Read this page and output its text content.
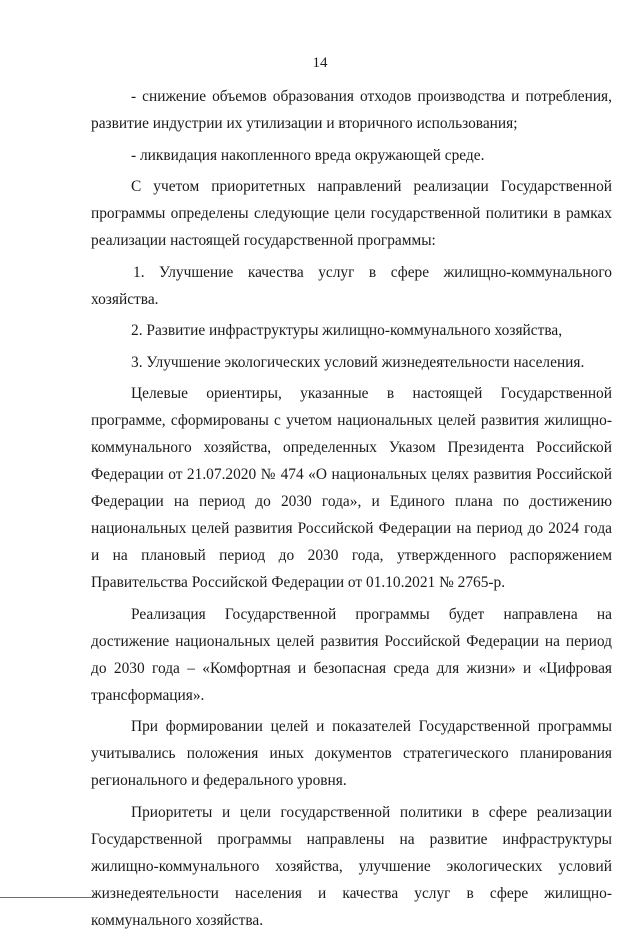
14

- снижение объемов образования отходов производства и потребления, развитие индустрии их утилизации и вторичного использования;

- ликвидация накопленного вреда окружающей среде.

С учетом приоритетных направлений реализации Государственной программы определены следующие цели государственной политики в рамках реализации настоящей государственной программы:

1. Улучшение качества услуг в сфере жилищно-коммунального хозяйства.

2. Развитие инфраструктуры жилищно-коммунального хозяйства,

3. Улучшение экологических условий жизнедеятельности населения.

Целевые ориентиры, указанные в настоящей Государственной программе, сформированы с учетом национальных целей развития жилищно-коммунального хозяйства, определенных Указом Президента Российской Федерации от 21.07.2020 № 474 «О национальных целях развития Российской Федерации на период до 2030 года», и Единого плана по достижению национальных целей развития Российской Федерации на период до 2024 года и на плановый период до 2030 года, утвержденного распоряжением Правительства Российской Федерации от 01.10.2021 № 2765-р.

Реализация Государственной программы будет направлена на достижение национальных целей развития Российской Федерации на период до 2030 года – «Комфортная и безопасная среда для жизни» и «Цифровая трансформация».

При формировании целей и показателей Государственной программы учитывались положения иных документов стратегического планирования регионального и федерального уровня.

Приоритеты и цели государственной политики в сфере реализации Государственной программы направлены на развитие инфраструктуры жилищно-коммунального хозяйства, улучшение экологических условий жизнедеятельности населения и качества услуг в сфере жилищно-коммунального хозяйства.
